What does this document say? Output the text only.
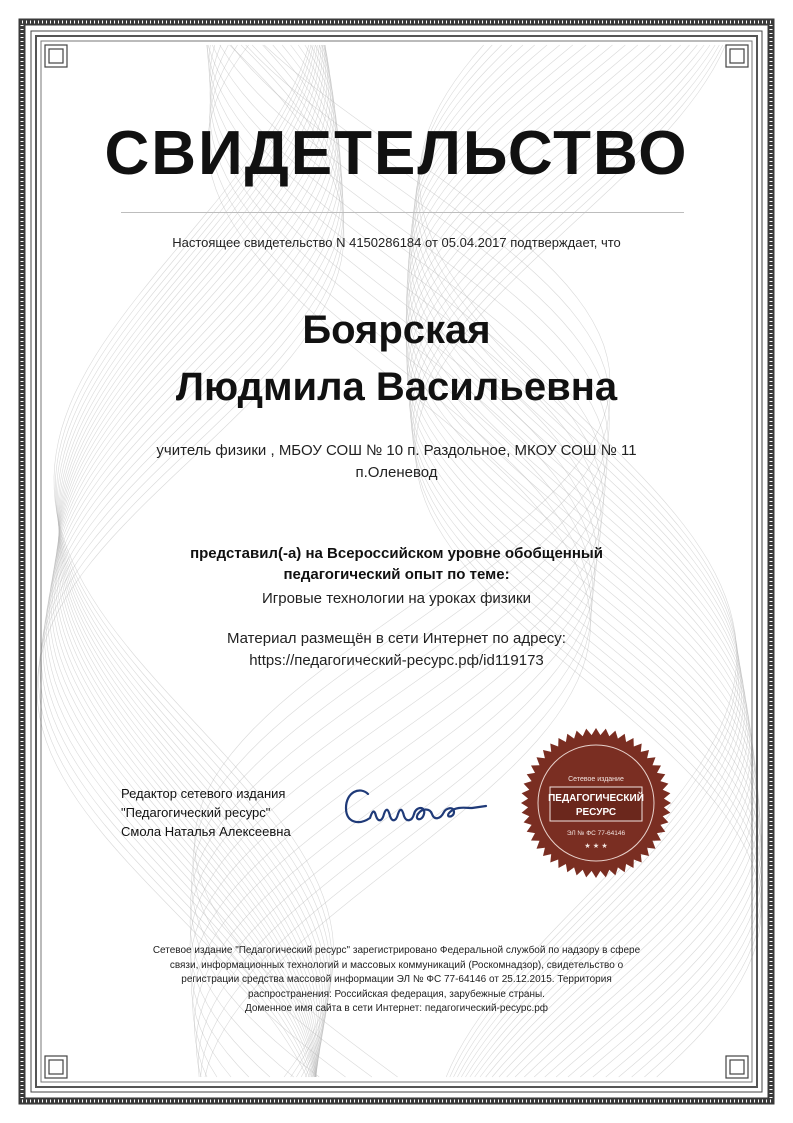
СВИДЕТЕЛЬСТВО
Настоящее свидетельство N 4150286184 от 05.04.2017 подтверждает, что
Боярская
Людмила Васильевна
учитель физики , МБОУ СОШ № 10 п. Раздольное, МКОУ СОШ № 11
п.Оленевод
представил(-а) на Всероссийском уровне обобщенный
педагогический опыт по теме:
Игровые технологии на уроках физики
Материал размещён в сети Интернет по адресу:
https://педагогический-ресурс.рф/id119173
Редактор сетевого издания
"Педагогический ресурс"
Смола Наталья Алексеевна
Сетевое издание
ПЕДАГОГИЧЕСКИЙ
РЕСУРС
ЭЛ № ФС 77-64146
★ ★ ★
Сетевое издание "Педагогический ресурс" зарегистрировано Федеральной службой по надзору в сфере
связи, информационных технологий и массовых коммуникаций (Роскомнадзор), свидетельство о
регистрации средства массовой информации ЭЛ № ФС 77-64146 от 25.12.2015. Территория
распространения: Российская федерация, зарубежные страны.
Доменное имя сайта в сети Интернет: педагогический-ресурс.рф
